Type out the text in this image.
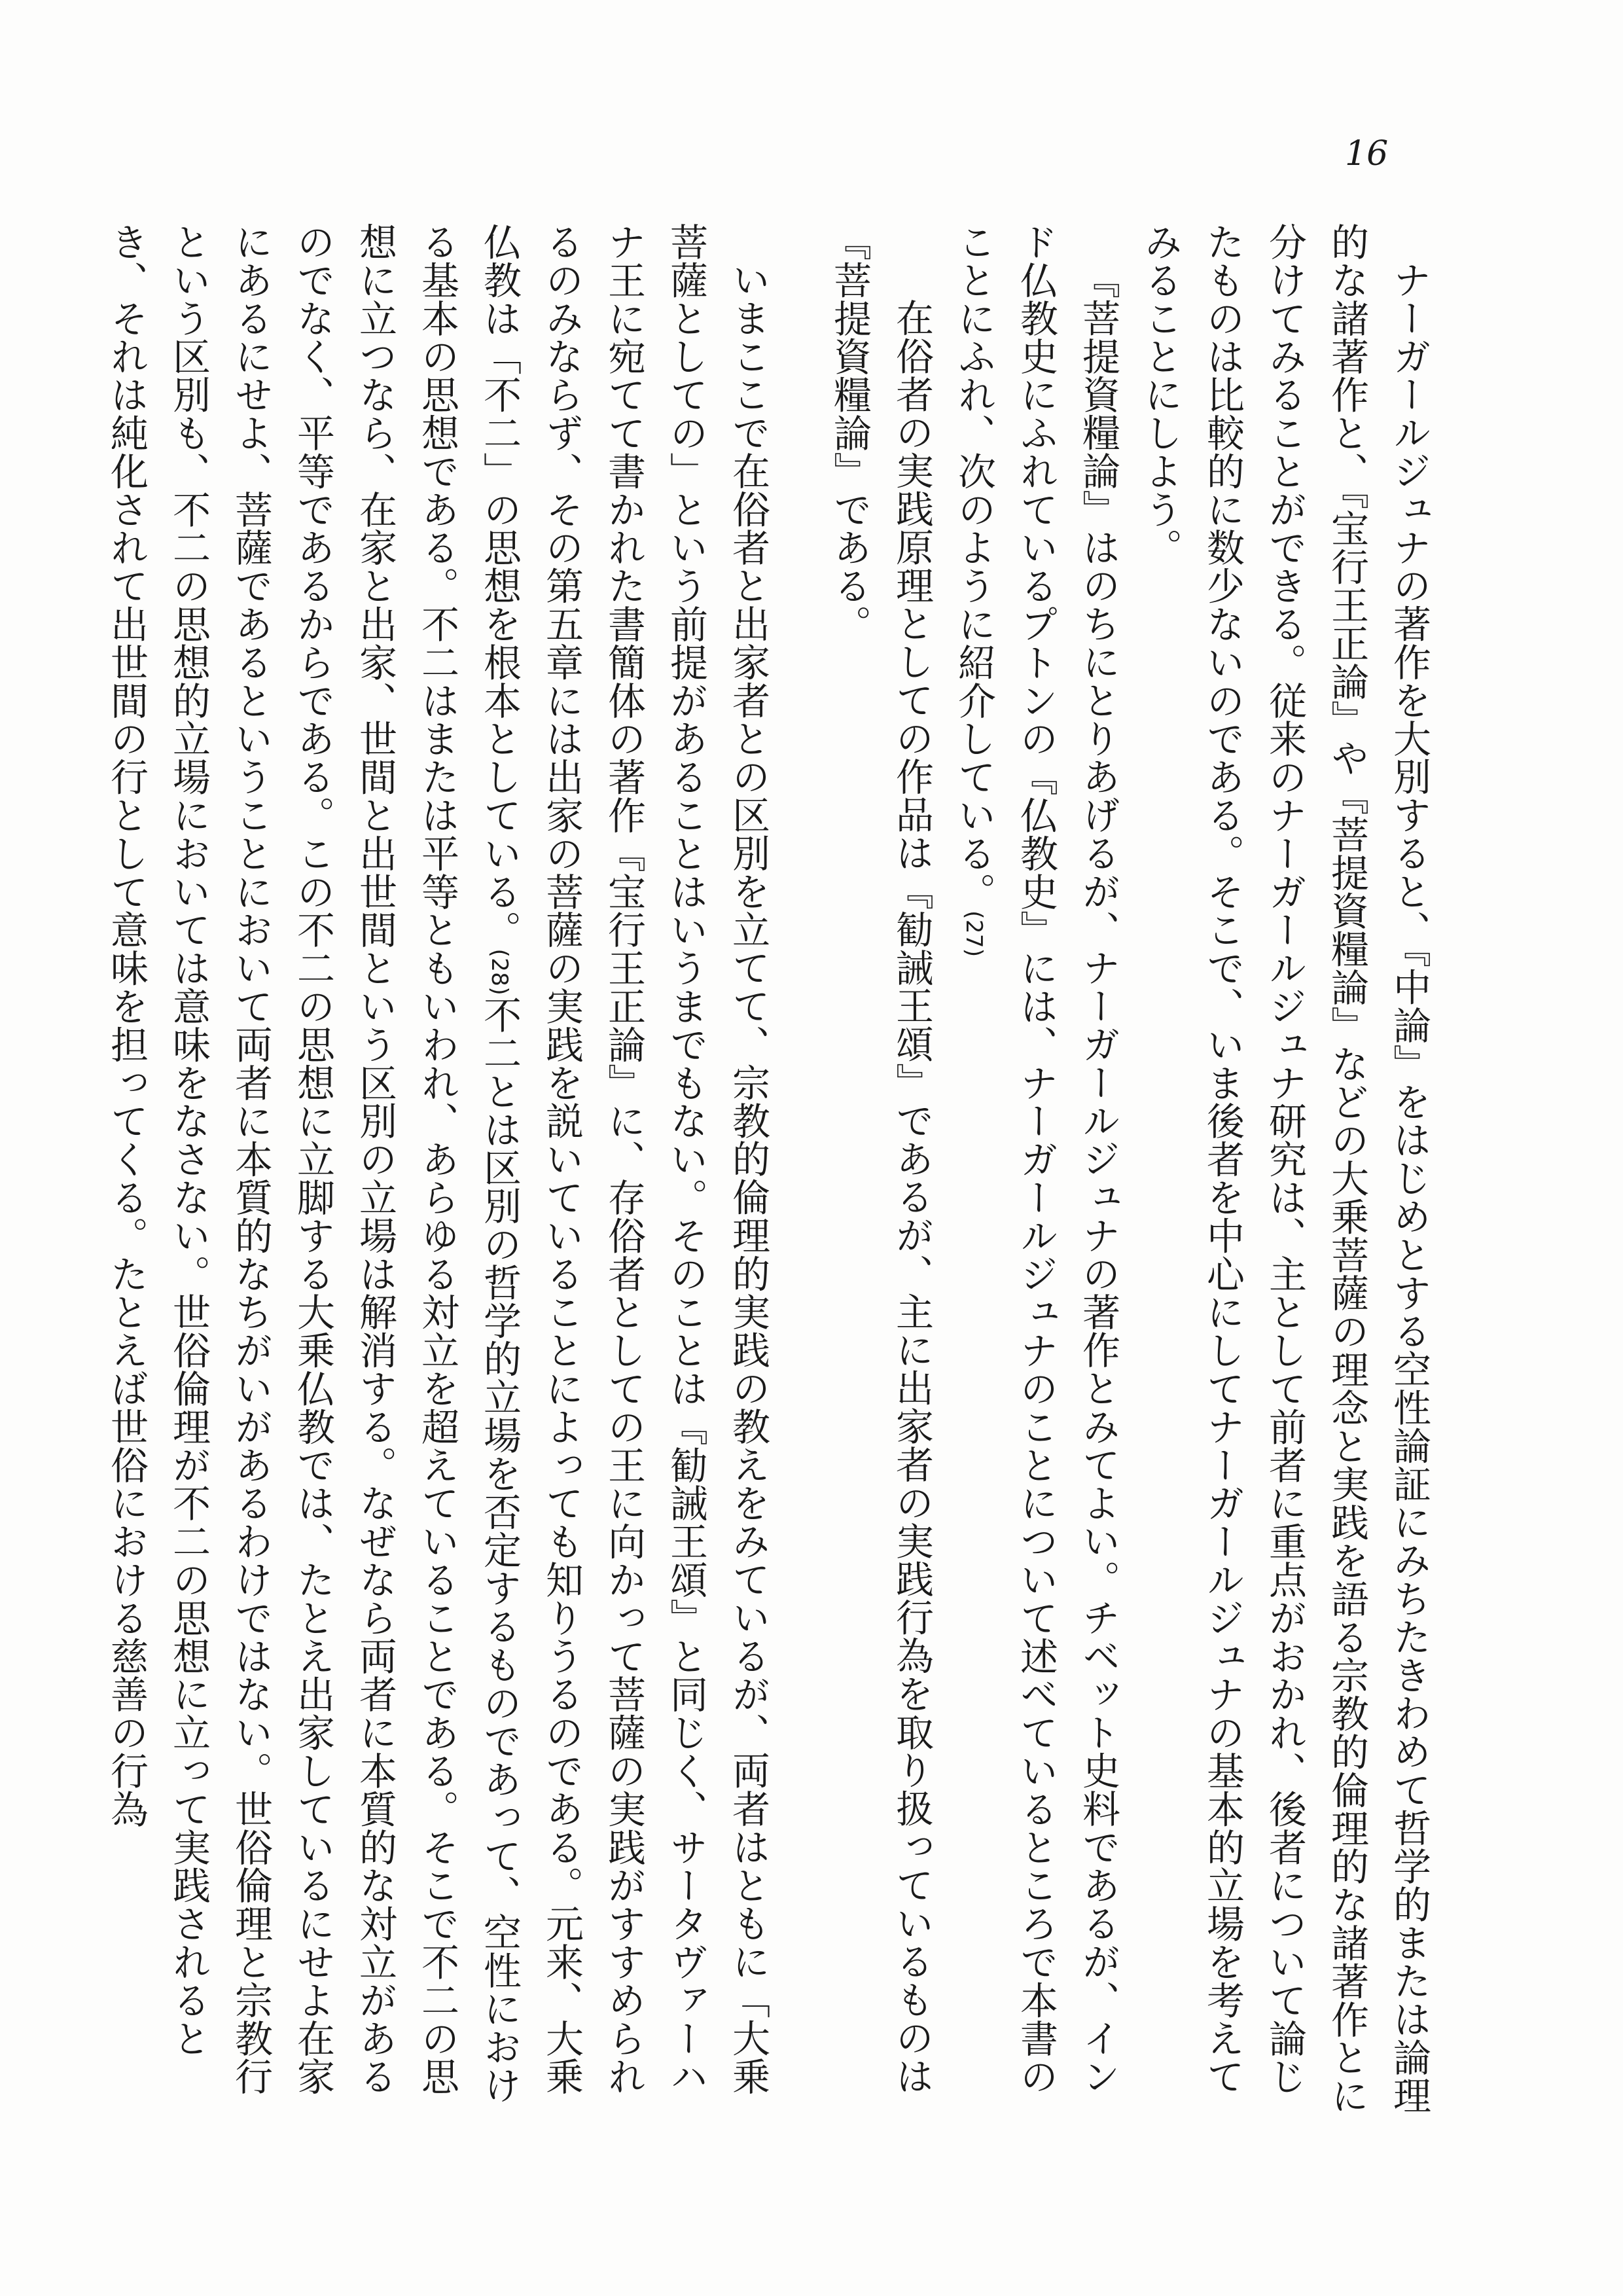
16

ナーガールジュナの著作を大別すると、『中論』をはじめとする空性論証にみちたきわめて哲学的または論理的な諸著作と、『宝行王正論』や『菩提資糧論』などの大乗菩薩の理念と実践を語る宗教的倫理的な諸著作とに分けてみることができる。従来のナーガールジュナ研究は、主として前者に重点がおかれ、後者について論じたものは比較的に数少ないのである。そこで、いま後者を中心にしてナーガールジュナの基本的立場を考えてみることにしよう。

『菩提資糧論』はのちにとりあげるが、ナーガールジュナの著作とみてよい。チベット史料であるが、インド仏教史にふれているプトンの『仏教史』には、ナーガールジュナのことについて述べているところで本書のことにふれ、次のように紹介している。(27)

在俗者の実践原理としての作品は『勧誡王頌』であるが、主に出家者の実践行為を取り扱っているものは『菩提資糧論』である。

いまここで在俗者と出家者との区別を立てて、宗教的倫理的実践の教えをみているが、両者はともに「大乗菩薩としての」という前提があることはいうまでもない。そのことは『勧誡王頌』と同じく、サータヴァーハナ王に宛てて書かれた書簡体の著作『宝行王正論』に、存俗者としての王に向かって菩薩の実践がすすめられるのみならず、その第五章には出家の菩薩の実践を説いていることによっても知りうるのである。元来、大乗仏教は「不二」の思想を根本としている。(28)不二とは区別の哲学的立場を否定するものであって、空性における基本の思想である。不二はまたは平等ともいわれ、あらゆる対立を超えていることである。そこで不二の思想に立つなら、在家と出家、世間と出世間という区別の立場は解消する。なぜなら両者に本質的な対立があるのでなく、平等であるからである。この不二の思想に立脚する大乗仏教では、たとえ出家しているにせよ在家にあるにせよ、菩薩であるということにおいて両者に本質的なちがいがあるわけではない。世俗倫理と宗教行という区別も、不二の思想的立場においては意味をなさない。世俗倫理が不二の思想に立って実践されるとき、それは純化されて出世間の行として意味を担ってくる。たとえば世俗における慈善の行為
